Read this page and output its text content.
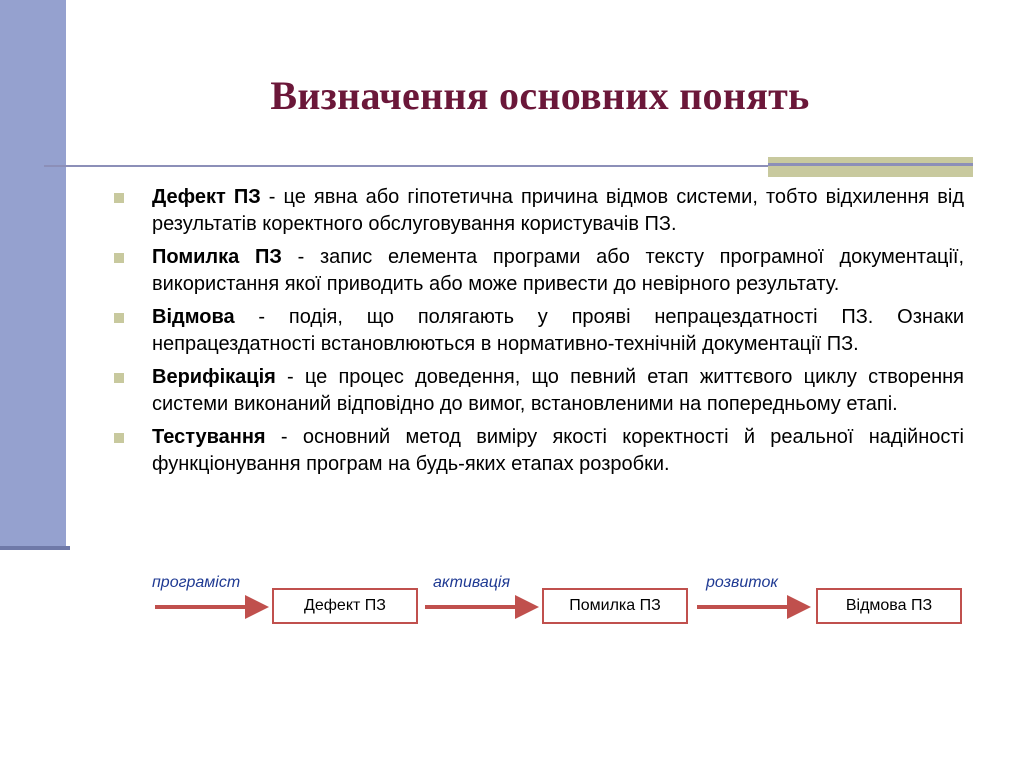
Визначення основних понять
Дефект ПЗ - це явна або гіпотетична причина відмов системи, тобто відхилення від результатів коректного обслуговування користувачів ПЗ.
Помилка ПЗ - запис елемента програми або тексту програмної документації, використання якої приводить або може привести до невірного результату.
Відмова - подія, що полягають у прояві непрацездатності ПЗ. Ознаки непрацездатності встановлюються в нормативно-технічній документації ПЗ.
Верифікація - це процес доведення, що певний етап життєвого циклу створення системи виконаний відповідно до вимог, встановленими на попередньому етапі.
Тестування - основний метод виміру якості коректності й реальної надійності функціонування програм на будь-яких етапах розробки.
програміст	активація	розвиток
Дефект ПЗ	Помилка ПЗ	Відмова ПЗ
